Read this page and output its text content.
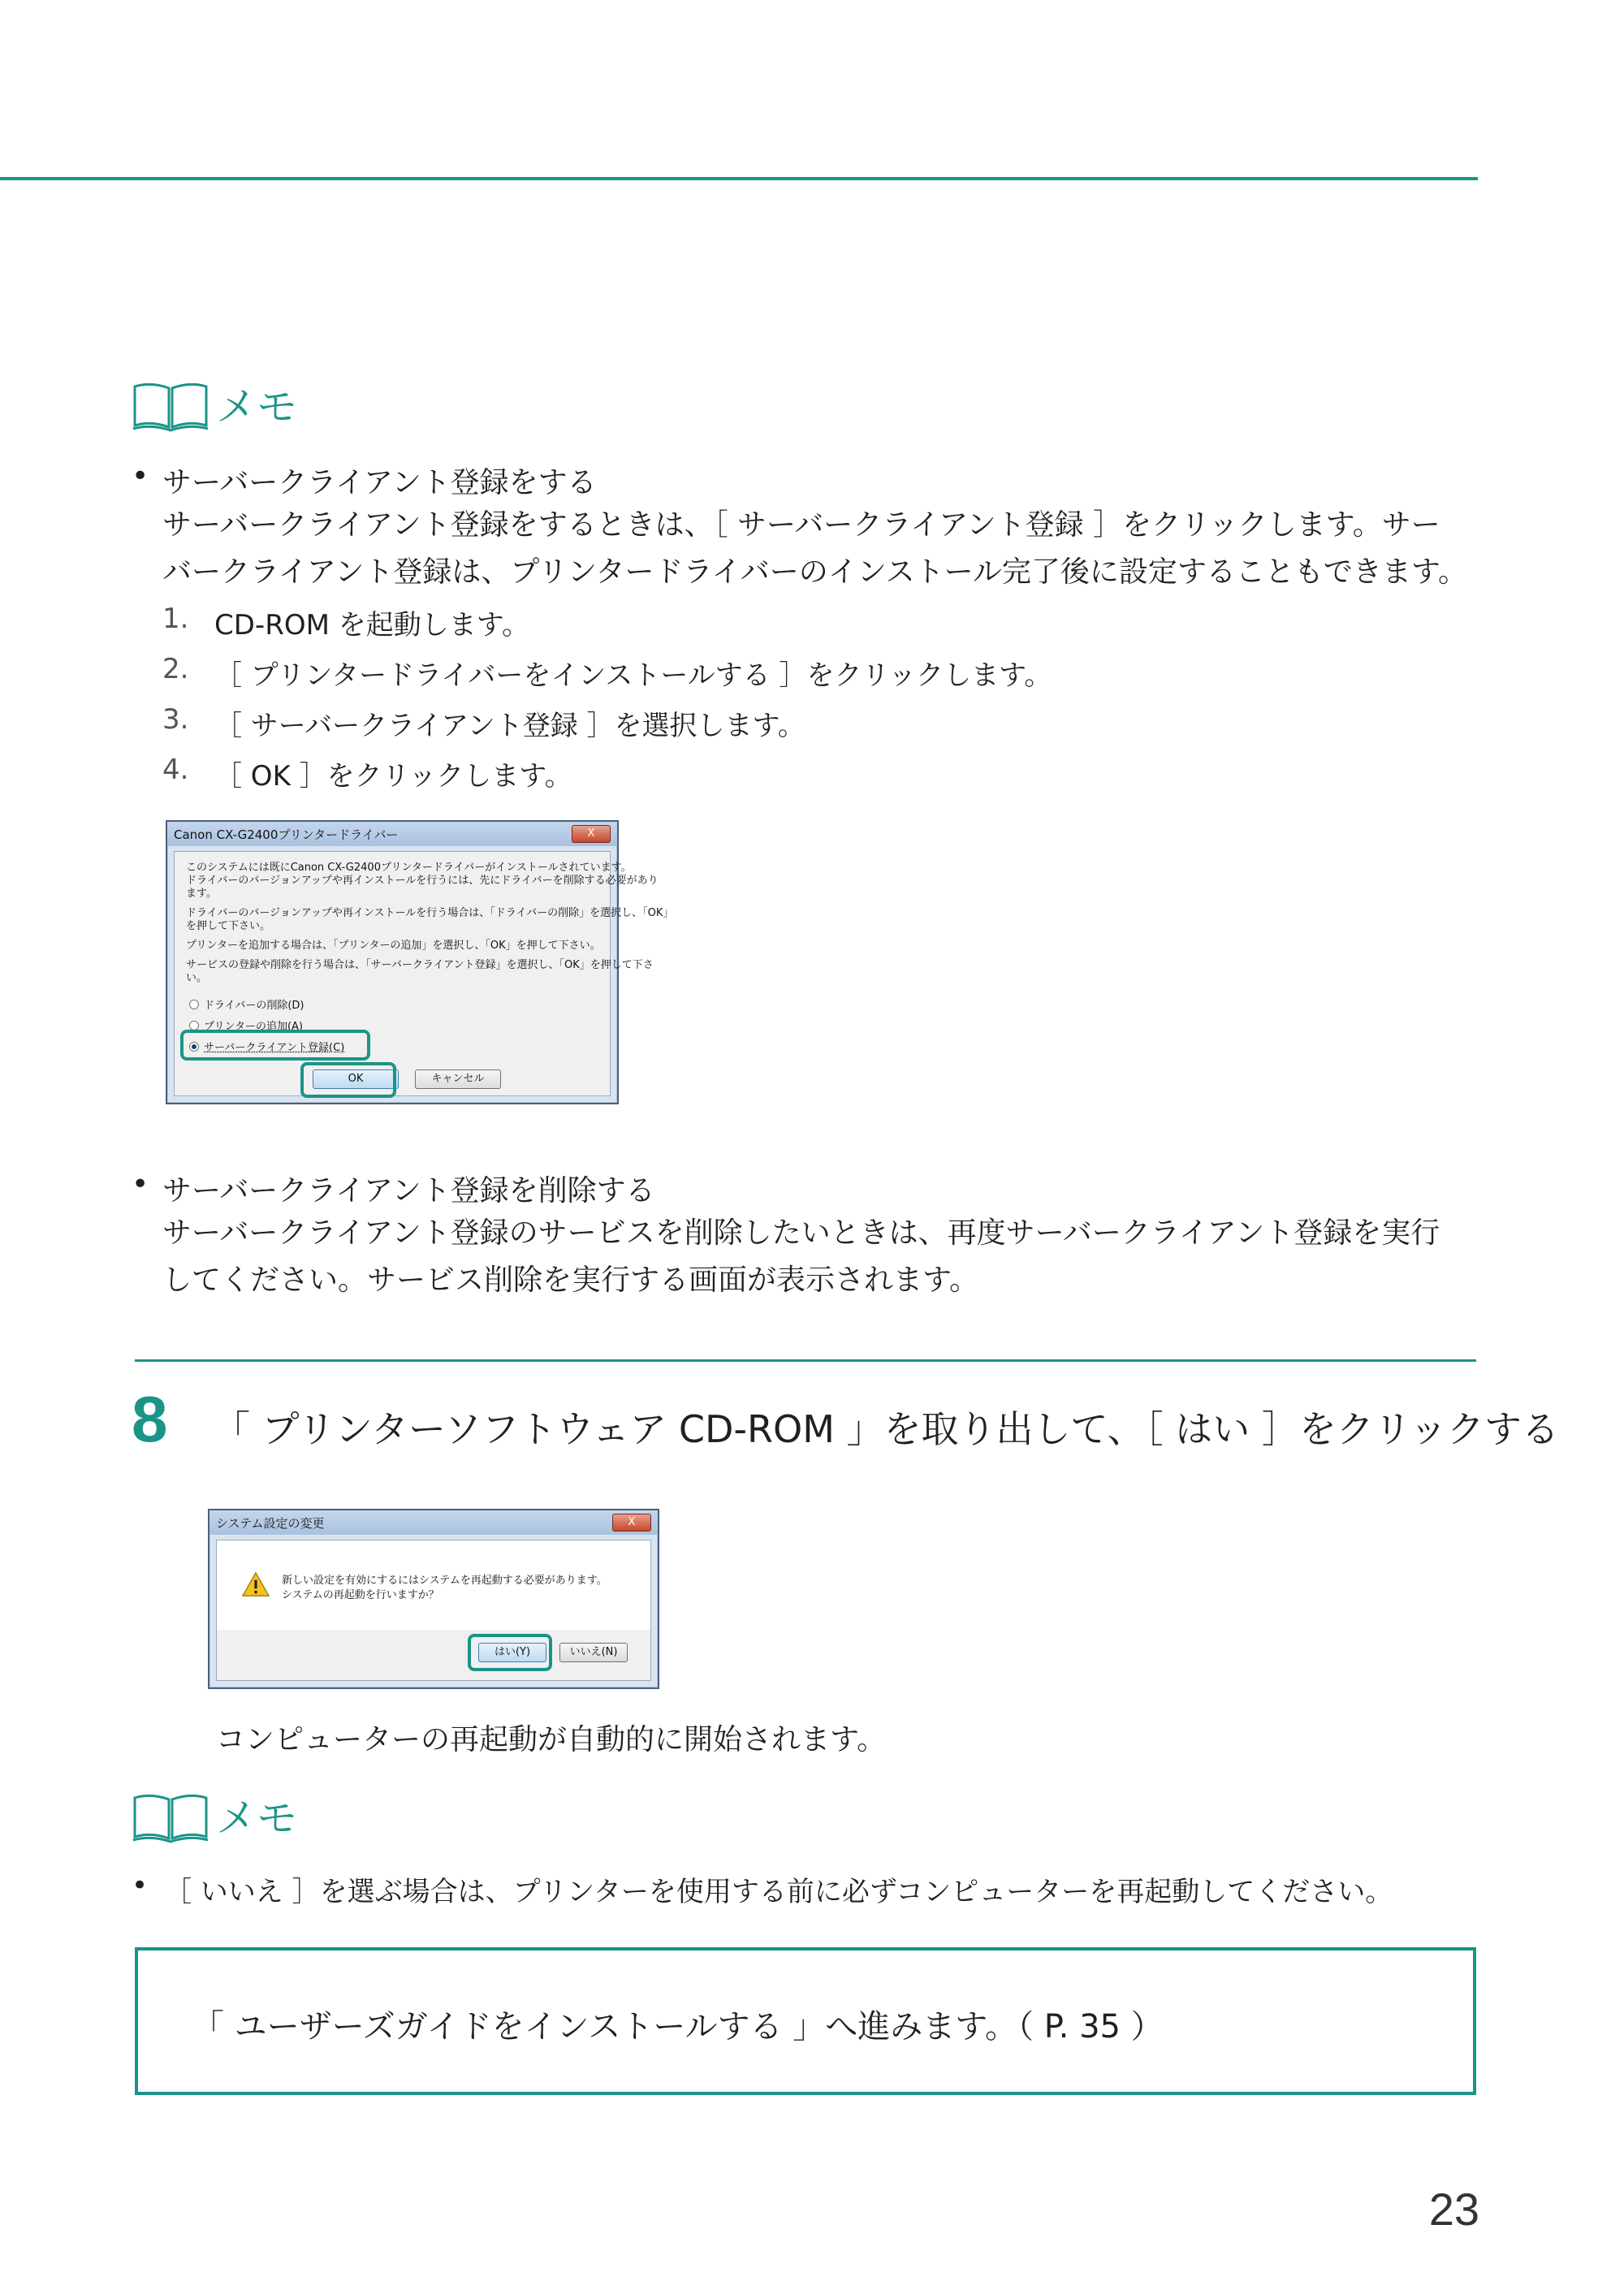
メモ
• サーバークライアント登録をする
サーバークライアント登録をするときは、［ サーバークライアント登録 ］をクリックします。サー
バークライアント登録は、プリンタードライバーのインストール完了後に設定することもできます。
1. CD-ROM を起動します。
2. ［ プリンタードライバーをインストールする ］をクリックします。
3. ［ サーバークライアント登録 ］を選択します。
4. ［ OK ］をクリックします。
Canon CX-G2400プリンタードライバー	X
このシステムには既にCanon CX-G2400プリンタードライバーがインストールされています。
ドライバーのバージョンアップや再インストールを行うには、先にドライバーを削除する必要があり
ます。
ドライバーのバージョンアップや再インストールを行う場合は、「ドライバーの削除」を選択し、「OK」
を押して下さい。
プリンターを追加する場合は、「プリンターの追加」を選択し、「OK」を押して下さい。
サービスの登録や削除を行う場合は、「サーバークライアント登録」を選択し、「OK」を押して下さ
い。
ドライバーの削除(D)
プリンターの追加(A)
サーバークライアント登録(C)
OK	キャンセル
• サーバークライアント登録を削除する
サーバークライアント登録のサービスを削除したいときは、再度サーバークライアント登録を実行
してください。サービス削除を実行する画面が表示されます。
8 「 プリンターソフトウェア CD-ROM 」を取り出して、［ はい ］をクリックする
システム設定の変更	X
新しい設定を有効にするにはシステムを再起動する必要があります。
システムの再起動を行いますか？
はい(Y)	いいえ(N)
コンピューターの再起動が自動的に開始されます。
メモ
• ［ いいえ ］を選ぶ場合は、プリンターを使用する前に必ずコンピューターを再起動してください。
「 ユーザーズガイドをインストールする 」へ進みます。（ P. 35 ）
23
